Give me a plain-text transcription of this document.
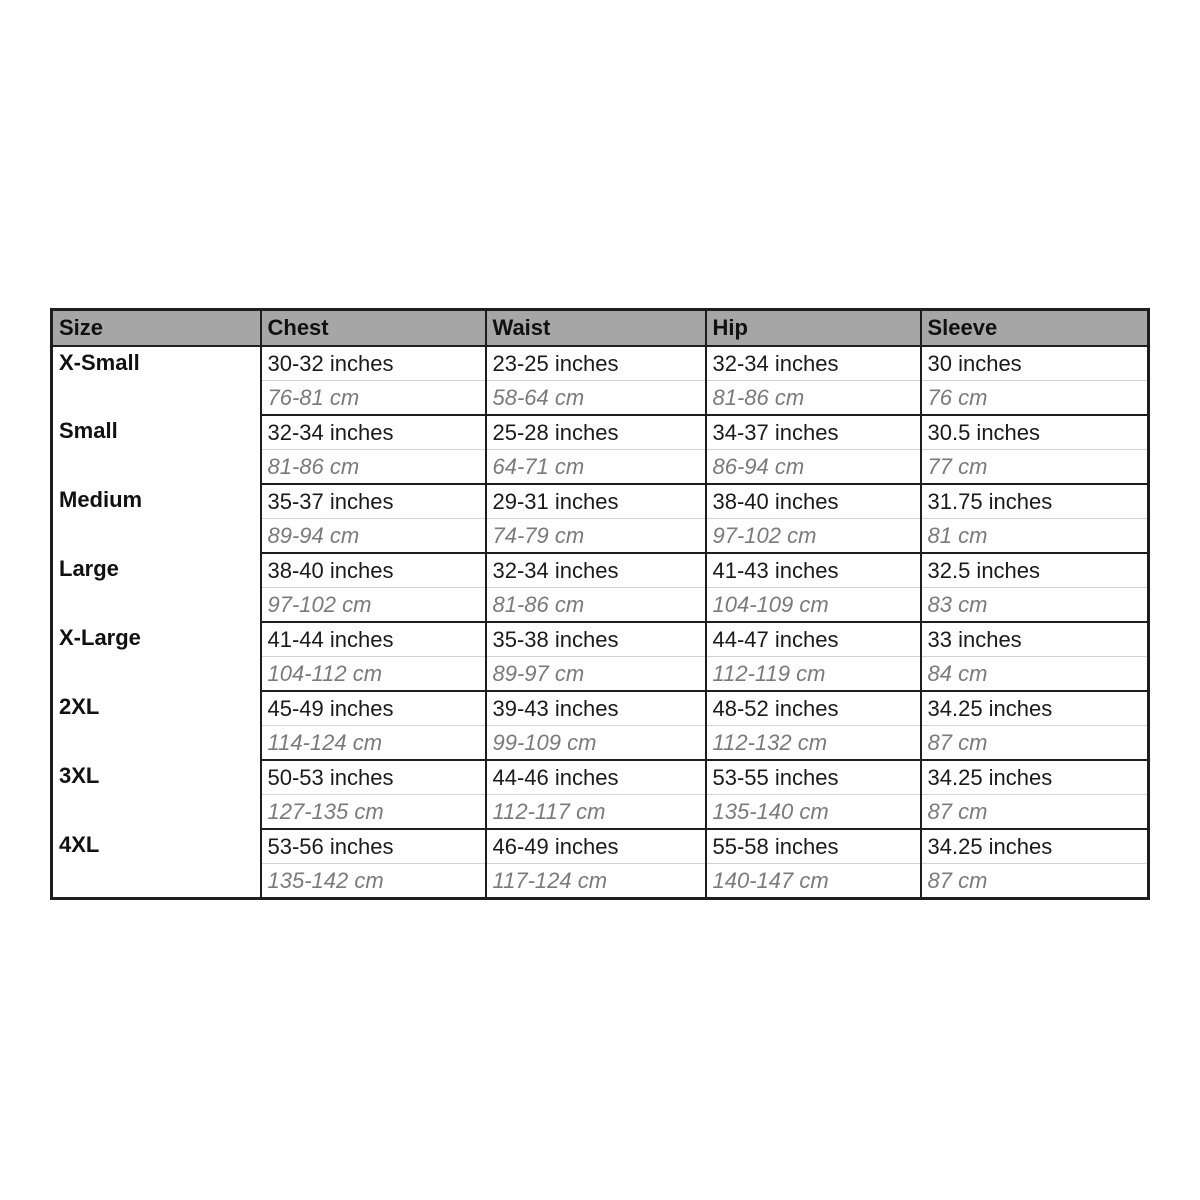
Size	Chest	Waist	Hip	Sleeve
X-Small	30-32 inches	23-25 inches	32-34 inches	30 inches
	76-81 cm	58-64 cm	81-86 cm	76 cm
Small	32-34 inches	25-28 inches	34-37 inches	30.5 inches
	81-86 cm	64-71 cm	86-94 cm	77 cm
Medium	35-37 inches	29-31 inches	38-40 inches	31.75 inches
	89-94 cm	74-79 cm	97-102 cm	81 cm
Large	38-40 inches	32-34 inches	41-43 inches	32.5 inches
	97-102 cm	81-86 cm	104-109 cm	83 cm
X-Large	41-44 inches	35-38 inches	44-47 inches	33 inches
	104-112 cm	89-97 cm	112-119 cm	84 cm
2XL	45-49 inches	39-43 inches	48-52 inches	34.25 inches
	114-124 cm	99-109 cm	112-132 cm	87 cm
3XL	50-53 inches	44-46 inches	53-55 inches	34.25 inches
	127-135 cm	112-117 cm	135-140 cm	87 cm
4XL	53-56 inches	46-49 inches	55-58 inches	34.25 inches
	135-142 cm	117-124 cm	140-147 cm	87 cm
